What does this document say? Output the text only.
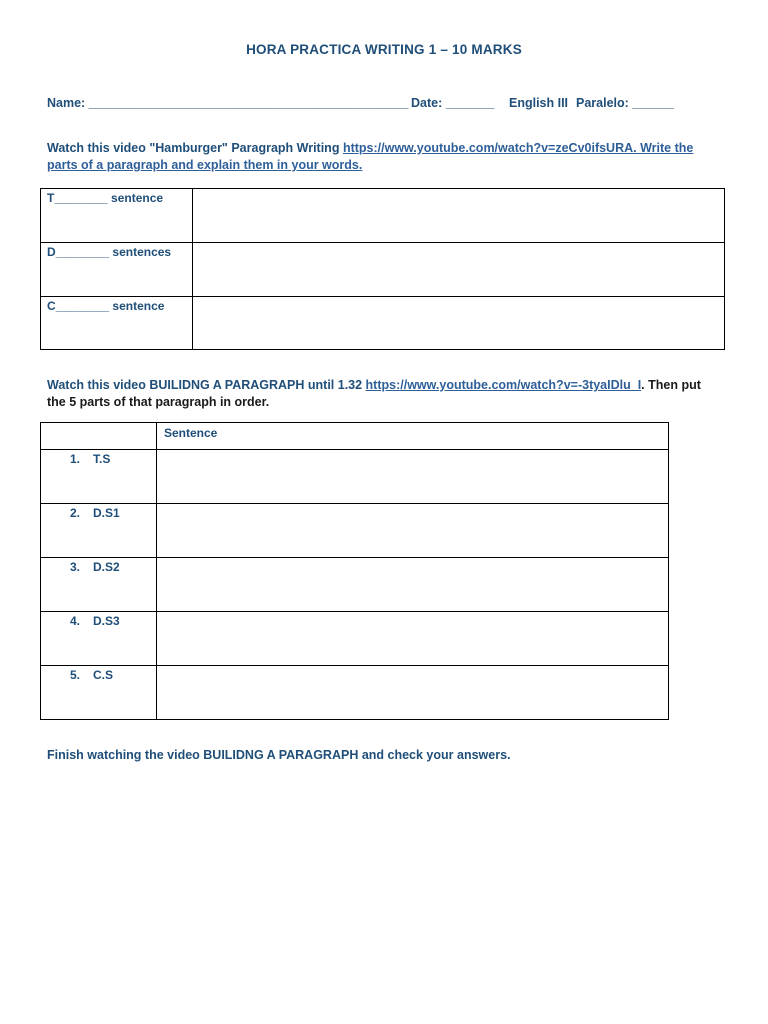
HORA PRACTICA WRITING 1 – 10 MARKS
Name: ______________________________________________ Date: _______ English III Paralelo: ______
Watch this video "Hamburger" Paragraph Writing https://www.youtube.com/watch?v=zeCv0ifsURA. Write the parts of a paragraph and explain them in your words.
T________ sentence	
D________ sentences	
C________ sentence	
Watch this video BUILIDNG A PARAGRAPH until 1.32 https://www.youtube.com/watch?v=-3tyaIDlu_I. Then put the 5 parts of that paragraph in order.
	Sentence
1. T.S	
2. D.S1	
3. D.S2	
4. D.S3	
5. C.S	
Finish watching the video BUILIDNG A PARAGRAPH and check your answers.
